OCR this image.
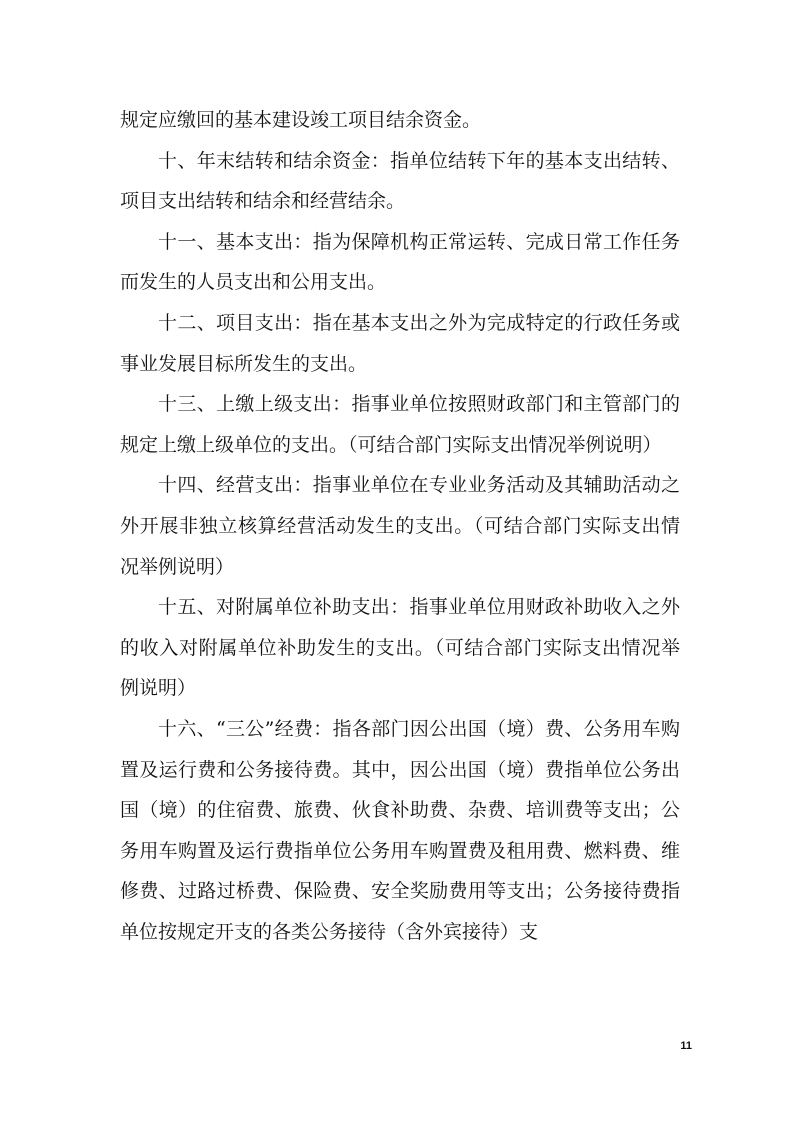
规定应缴回的基本建设竣工项目结余资金。

十、年末结转和结余资金：指单位结转下年的基本支出结转、项目支出结转和结余和经营结余。

十一、基本支出：指为保障机构正常运转、完成日常工作任务而发生的人员支出和公用支出。

十二、项目支出：指在基本支出之外为完成特定的行政任务或事业发展目标所发生的支出。

十三、上缴上级支出：指事业单位按照财政部门和主管部门的规定上缴上级单位的支出。（可结合部门实际支出情况举例说明）

十四、经营支出：指事业单位在专业业务活动及其辅助活动之外开展非独立核算经营活动发生的支出。（可结合部门实际支出情况举例说明）

十五、对附属单位补助支出：指事业单位用财政补助收入之外的收入对附属单位补助发生的支出。（可结合部门实际支出情况举例说明）

十六、“三公”经费：指各部门因公出国（境）费、公务用车购置及运行费和公务接待费。其中，因公出国（境）费指单位公务出国（境）的住宿费、旅费、伙食补助费、杂费、培训费等支出；公务用车购置及运行费指单位公务用车购置费及租用费、燃料费、维修费、过路过桥费、保险费、安全奖励费用等支出；公务接待费指单位按规定开支的各类公务接待（含外宾接待）支

11
